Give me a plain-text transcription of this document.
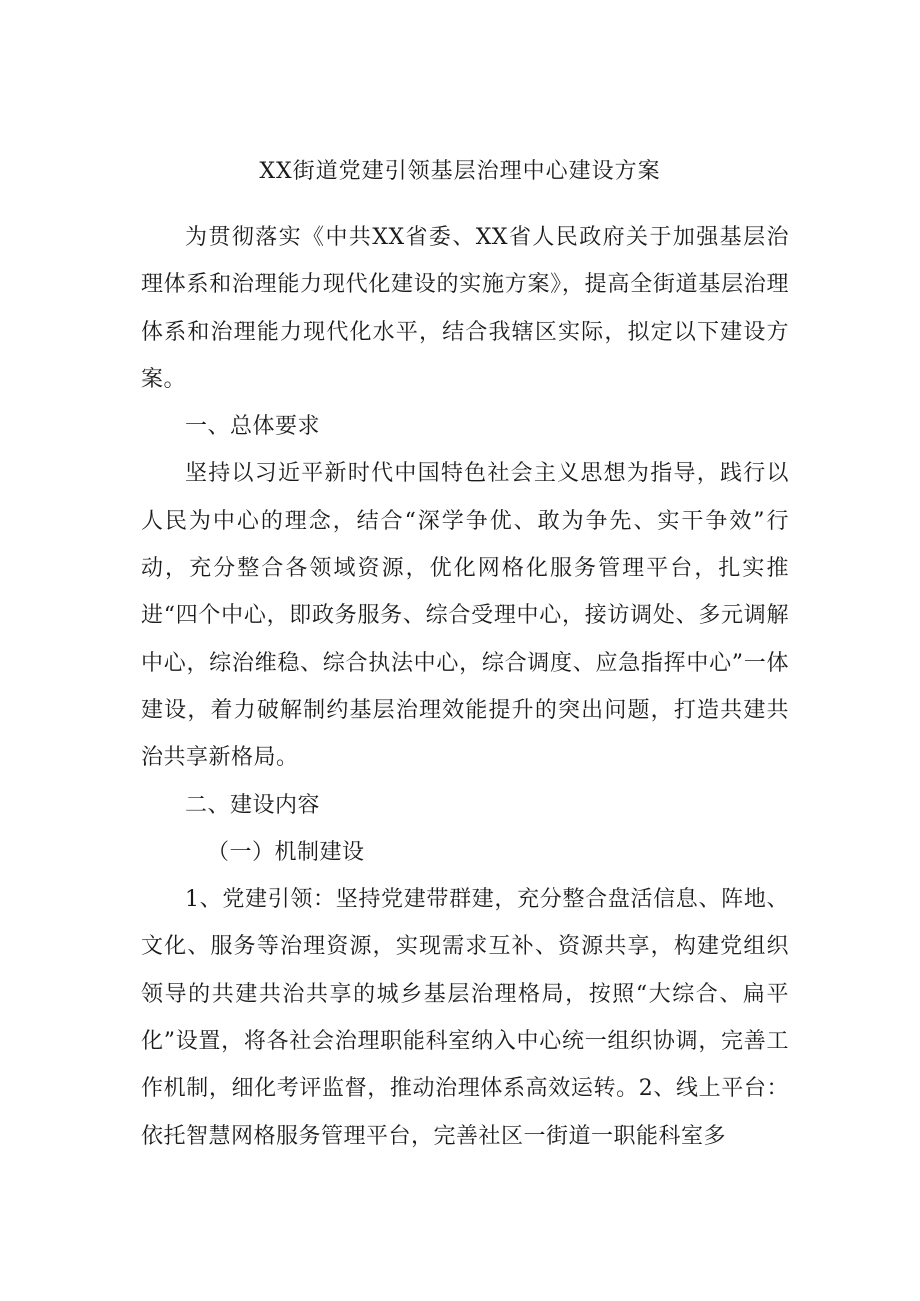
XX街道党建引领基层治理中心建设方案

为贯彻落实《中共XX省委、XX省人民政府关于加强基层治理体系和治理能力现代化建设的实施方案》，提高全街道基层治理体系和治理能力现代化水平，结合我辖区实际，拟定以下建设方案。

一、总体要求

坚持以习近平新时代中国特色社会主义思想为指导，践行以人民为中心的理念，结合“深学争优、敢为争先、实干争效”行动，充分整合各领域资源，优化网格化服务管理平台，扎实推进“四个中心，即政务服务、综合受理中心，接访调处、多元调解中心，综治维稳、综合执法中心，综合调度、应急指挥中心”一体建设，着力破解制约基层治理效能提升的突出问题，打造共建共治共享新格局。

二、建设内容

（一）机制建设

1、党建引领：坚持党建带群建，充分整合盘活信息、阵地、文化、服务等治理资源，实现需求互补、资源共享，构建党组织领导的共建共治共享的城乡基层治理格局，按照“大综合、扁平化”设置，将各社会治理职能科室纳入中心统一组织协调，完善工作机制，细化考评监督，推动治理体系高效运转。2、线上平台：依托智慧网格服务管理平台，完善社区一街道一职能科室多
